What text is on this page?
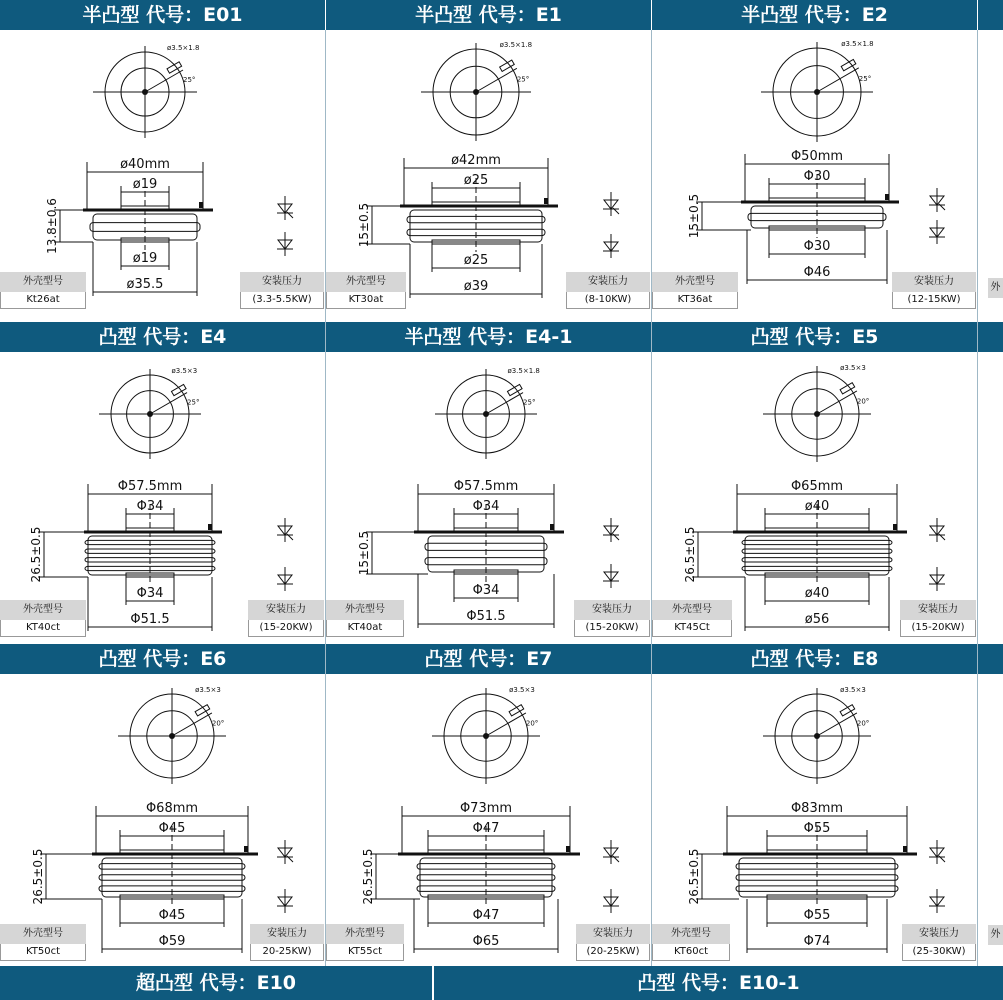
半凸型 代号：E01	半凸型 代号：E1	半凸型 代号：E2
凸型 代号：E4	半凸型 代号：E4-1	凸型 代号：E5
凸型 代号：E6	凸型 代号：E7	凸型 代号：E8
超凸型 代号：E10	凸型 代号：E10-1
ø3.5×1.8
25°
ø40mm
ø19
13.8±0.6
ø19
ø35.5
ø3.5×1.8
25°
ø42mm
ø25
15±0.5
ø25
ø39
ø3.5×1.8
25°
Φ50mm
Φ30
15±0.5
Φ30
Φ46
ø3.5×3
25°
Φ57.5mm
Φ34
26.5±0.5
Φ34
Φ51.5
ø3.5×1.8
25°
Φ57.5mm
Φ34
15±0.5
Φ34
Φ51.5
ø3.5×3
20°
Φ65mm
ø40
26.5±0.5
ø40
ø56
ø3.5×3
20°
Φ68mm
Φ45
26.5±0.5
Φ45
Φ59
ø3.5×3
20°
Φ73mm
Φ47
26.5±0.5
Φ47
Φ65
ø3.5×3
20°
Φ83mm
Φ55
26.5±0.5
Φ55
Φ74
外壳型号
Kt26at
安装压力
(3.3-5.5KW)
外壳型号
KT30at
安装压力
(8-10KW)
外壳型号
KT36at
安装压力
(12-15KW)
外壳型号
KT40ct
安装压力
(15-20KW)
外壳型号
KT40at
安装压力
(15-20KW)
外壳型号
KT45Ct
安装压力
(15-20KW)
外壳型号
KT50ct
安装压力
20-25KW)
外壳型号
KT55ct
安装压力
(20-25KW)
外壳型号
KT60ct
安装压力
(25-30KW)
外
外
